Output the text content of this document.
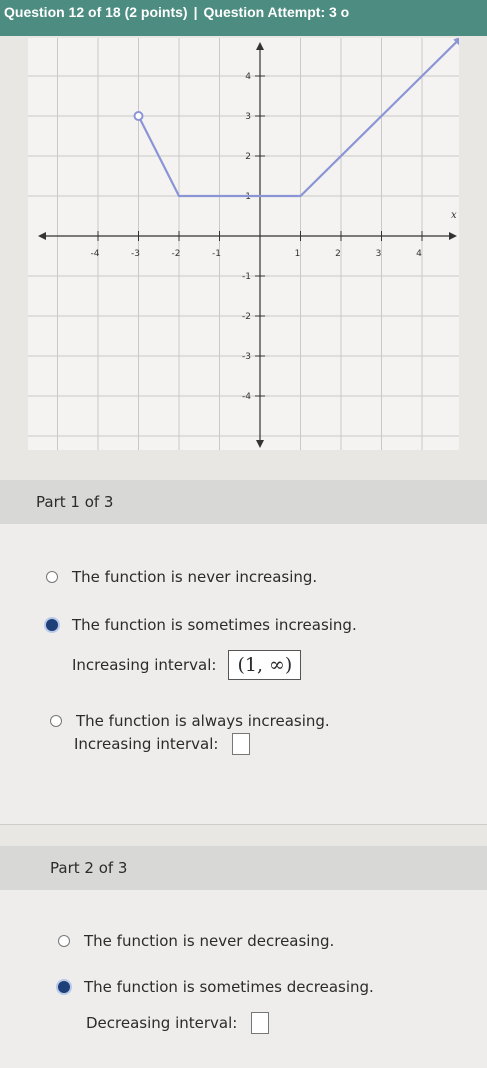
Question 12 of 18 (2 points) | Question Attempt: 3 o
-4	-3	-2	-1	1	2	3	4
x
4
3
2
1
-1
-2
-3
-4
Part 1 of 3
The function is never increasing.
The function is sometimes increasing.
Increasing interval:	(1, ∞)
The function is always increasing.
Increasing interval:
Part 2 of 3
The function is never decreasing.
The function is sometimes decreasing.
Decreasing interval:
